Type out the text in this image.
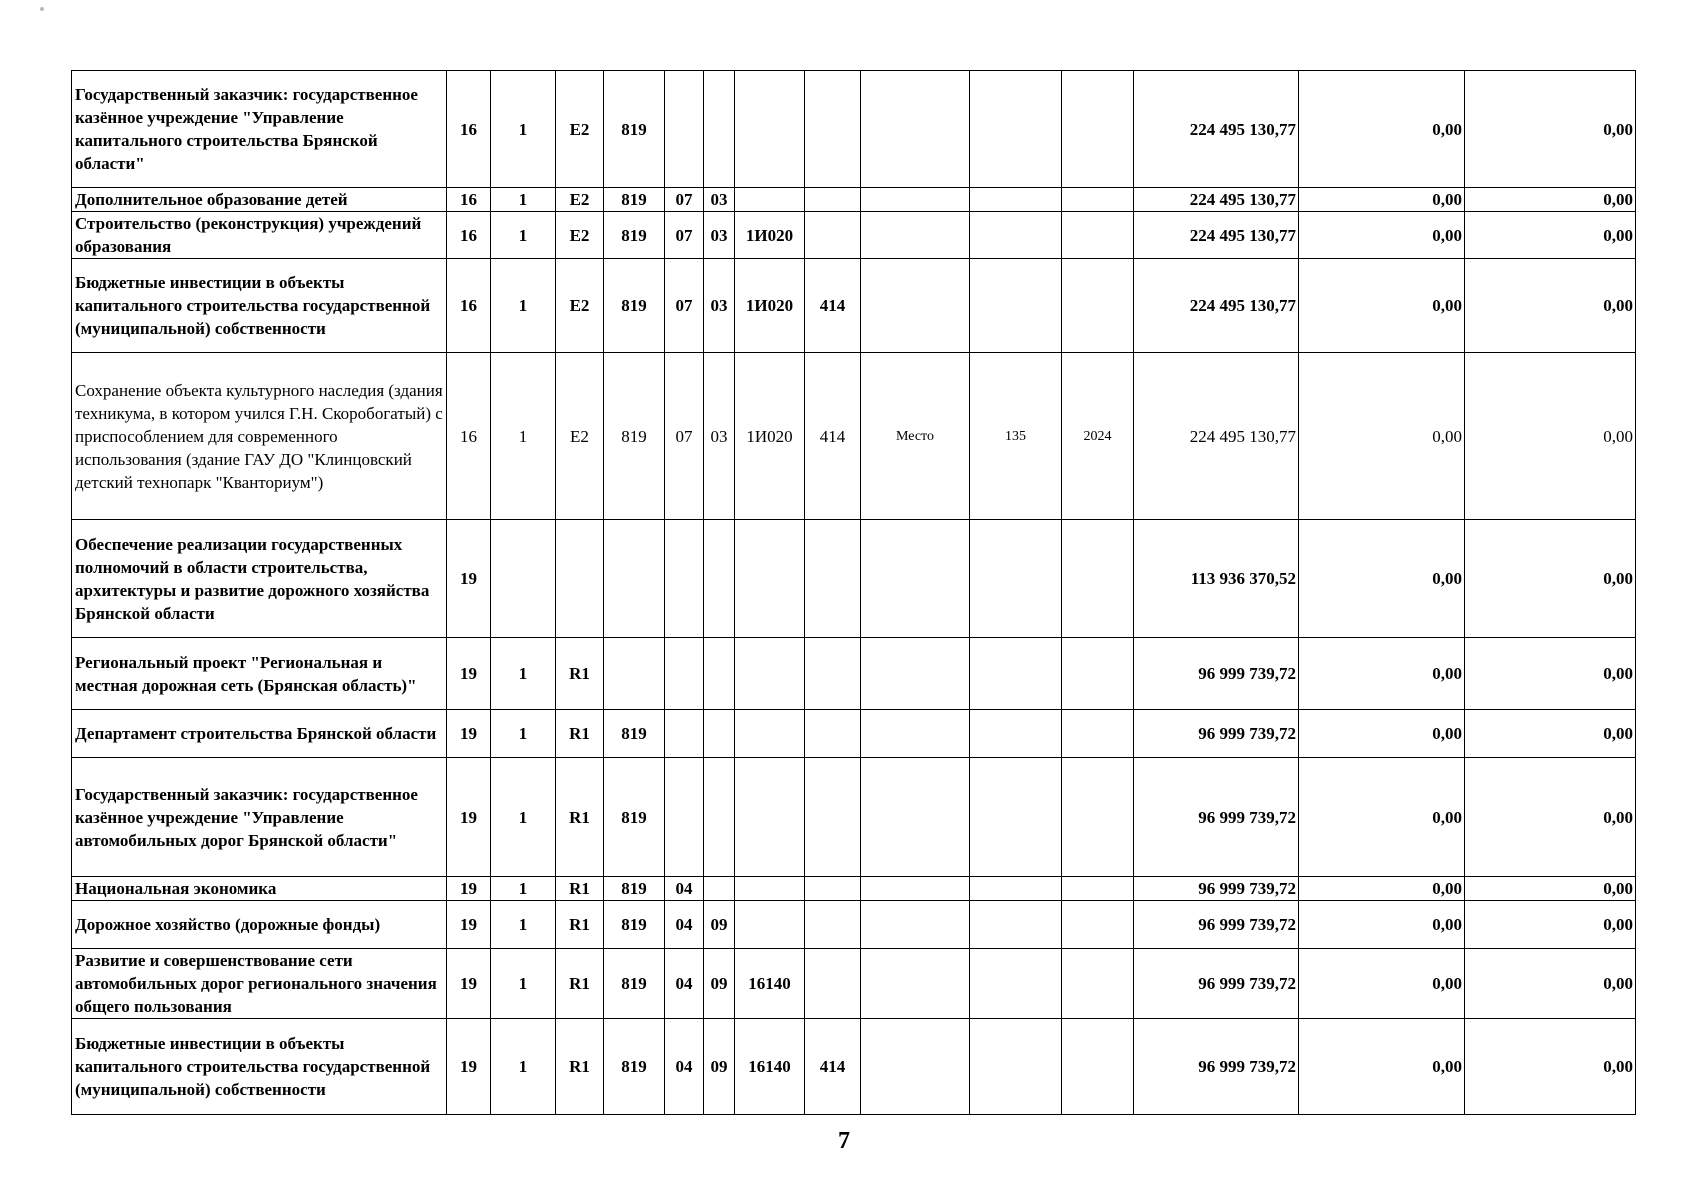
Государственный заказчик: государственное казённое учреждение "Управление капитального строительства Брянской области"	16	1	E2	819								224 495 130,77	0,00	0,00
Дополнительное образование детей	16	1	E2	819	07	03						224 495 130,77	0,00	0,00
Строительство (реконструкция) учреждений образования	16	1	E2	819	07	03	1И020					224 495 130,77	0,00	0,00
Бюджетные инвестиции в объекты капитального строительства государственной (муниципальной) собственности	16	1	E2	819	07	03	1И020	414				224 495 130,77	0,00	0,00
Сохранение объекта культурного наследия (здания техникума, в котором учился Г.Н. Скоробогатый) с приспособлением для современного использования (здание ГАУ ДО "Клинцовский детский технопарк "Кванториум")	16	1	E2	819	07	03	1И020	414	Место	135	2024	224 495 130,77	0,00	0,00
Обеспечение реализации государственных полномочий в области строительства, архитектуры и развитие дорожного хозяйства Брянской области	19											113 936 370,52	0,00	0,00
Региональный проект "Региональная и местная дорожная сеть (Брянская область)"	19	1	R1									96 999 739,72	0,00	0,00
Департамент строительства Брянской области	19	1	R1	819								96 999 739,72	0,00	0,00
Государственный заказчик: государственное казённое учреждение "Управление автомобильных дорог Брянской области"	19	1	R1	819								96 999 739,72	0,00	0,00
Национальная экономика	19	1	R1	819	04							96 999 739,72	0,00	0,00
Дорожное хозяйство (дорожные фонды)	19	1	R1	819	04	09						96 999 739,72	0,00	0,00
Развитие и совершенствование сети автомобильных дорог регионального значения общего пользования	19	1	R1	819	04	09	16140					96 999 739,72	0,00	0,00
Бюджетные инвестиции в объекты капитального строительства государственной (муниципальной) собственности	19	1	R1	819	04	09	16140	414				96 999 739,72	0,00	0,00
7
